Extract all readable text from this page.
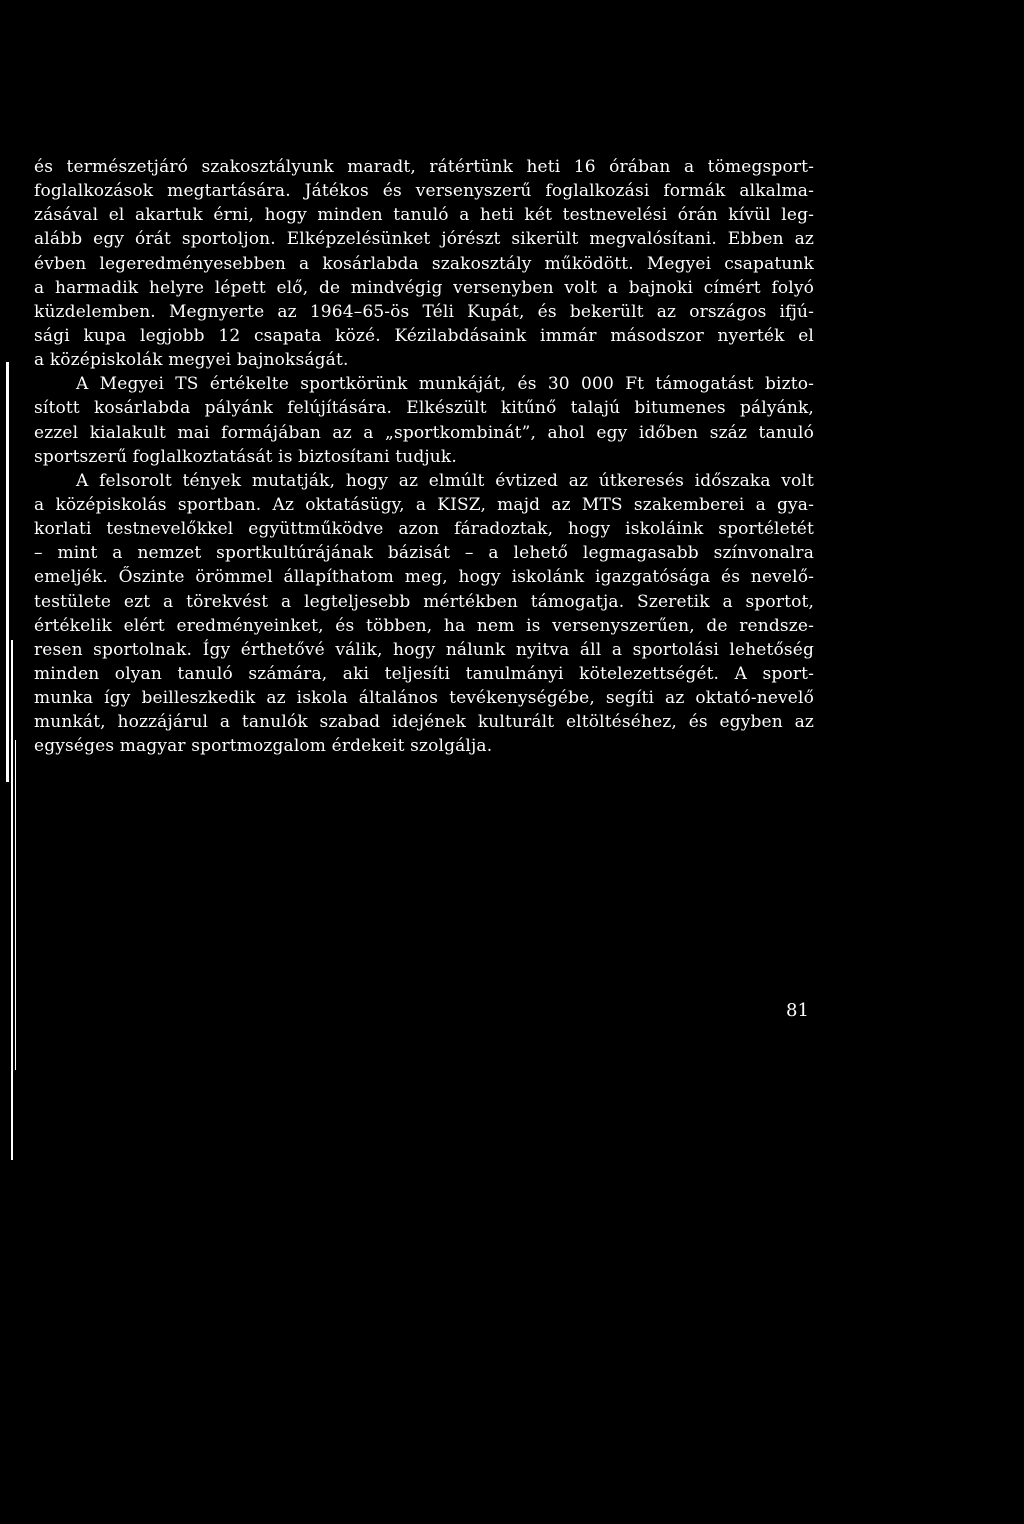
és természetjáró szakosztályunk maradt, rátértünk heti 16 órában a tömegsport-
foglalkozások megtartására. Játékos és versenyszerű foglalkozási formák alkalma-
zásával el akartuk érni, hogy minden tanuló a heti két testnevelési órán kívül leg-
alább egy órát sportoljon. Elképzelésünket jórészt sikerült megvalósítani. Ebben az
évben legeredményesebben a kosárlabda szakosztály működött. Megyei csapatunk
a harmadik helyre lépett elő, de mindvégig versenyben volt a bajnoki címért folyó
küzdelemben. Megnyerte az 1964–65-ös Téli Kupát, és bekerült az országos ifjú-
sági kupa legjobb 12 csapata közé. Kézilabdásaink immár másodszor nyerték el
a középiskolák megyei bajnokságát.
A Megyei TS értékelte sportkörünk munkáját, és 30 000 Ft támogatást bizto-
sított kosárlabda pályánk felújítására. Elkészült kitűnő talajú bitumenes pályánk,
ezzel kialakult mai formájában az a „sportkombinát”, ahol egy időben száz tanuló
sportszerű foglalkoztatását is biztosítani tudjuk.
A felsorolt tények mutatják, hogy az elmúlt évtized az útkeresés időszaka volt
a középiskolás sportban. Az oktatásügy, a KISZ, majd az MTS szakemberei a gya-
korlati testnevelőkkel együttműködve azon fáradoztak, hogy iskoláink sportéletét
– mint a nemzet sportkultúrájának bázisát – a lehető legmagasabb színvonalra
emeljék. Őszinte örömmel állapíthatom meg, hogy iskolánk igazgatósága és nevelő-
testülete ezt a törekvést a legteljesebb mértékben támogatja. Szeretik a sportot,
értékelik elért eredményeinket, és többen, ha nem is versenyszerűen, de rendsze-
resen sportolnak. Így érthetővé válik, hogy nálunk nyitva áll a sportolási lehetőség
minden olyan tanuló számára, aki teljesíti tanulmányi kötelezettségét. A sport-
munka így beilleszkedik az iskola általános tevékenységébe, segíti az oktató-nevelő
munkát, hozzájárul a tanulók szabad idejének kulturált eltöltéséhez, és egyben az
egységes magyar sportmozgalom érdekeit szolgálja.
81
